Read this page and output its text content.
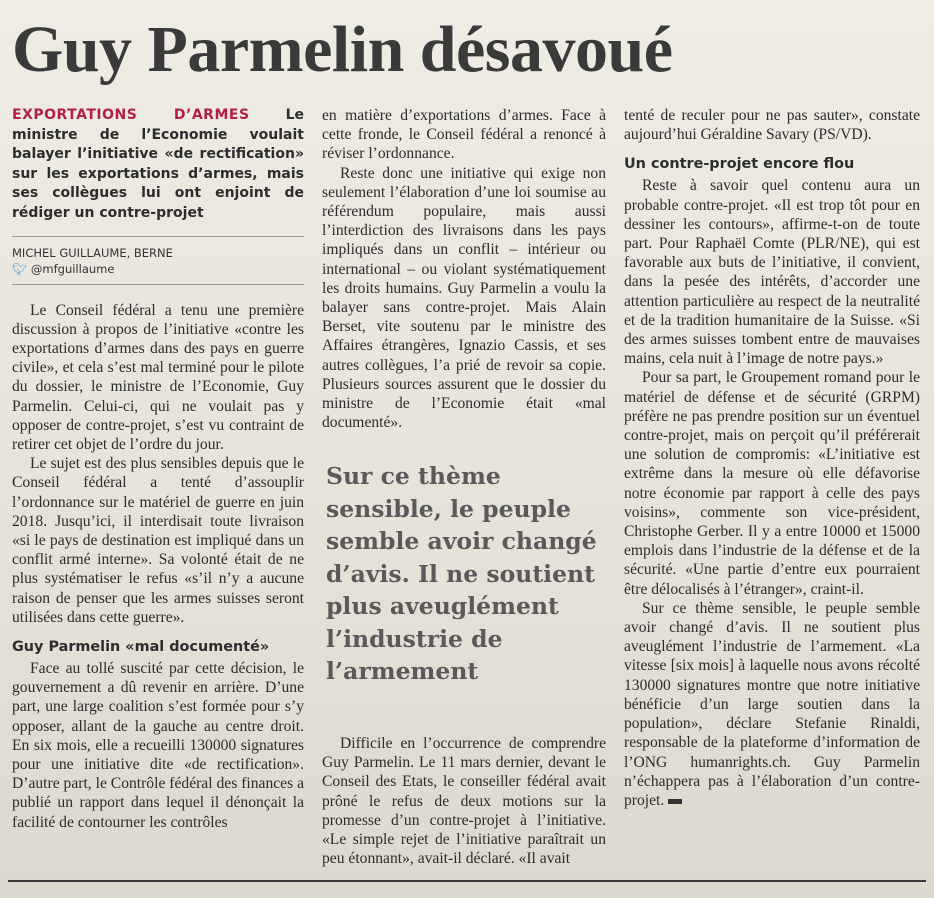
Guy Parmelin désavoué
EXPORTATIONS D’ARMES	Le ministre de l’Economie voulait balayer l’initiative «de rectification» sur les exportations d’armes, mais ses collègues lui ont enjoint de rédiger un contre-projet
MICHEL GUILLAUME, BERNE
🐦︎ @mfguillaume

Le Conseil fédéral a tenu une première discussion à propos de l’initiative «contre les exportations d’armes dans des pays en guerre civile», et cela s’est mal terminé pour le pilote du dossier, le ministre de l’Economie, Guy Parmelin. Celui-ci, qui ne voulait pas y opposer de contre-projet, s’est vu contraint de retirer cet objet de l’ordre du jour.

Le sujet est des plus sensibles depuis que le Conseil fédéral a tenté d’assouplir l’ordonnance sur le matériel de guerre en juin 2018. Jusqu’ici, il interdisait toute livraison «si le pays de destination est impliqué dans un conflit armé interne». Sa volonté était de ne plus systématiser le refus «s’il n’y a aucune raison de penser que les armes suisses seront utilisées dans cette guerre».

Guy Parmelin «mal documenté»

Face au tollé suscité par cette décision, le gouvernement a dû revenir en arrière. D’une part, une large coalition s’est formée pour s’y opposer, allant de la gauche au centre droit. En six mois, elle a recueilli 130000 signatures pour une initiative dite «de rectification». D’autre part, le Contrôle fédéral des finances a publié un rapport dans lequel il dénonçait la facilité de contourner les contrôles

en matière d’exportations d’armes. Face à cette fronde, le Conseil fédéral a renoncé à réviser l’ordonnance.

Reste donc une initiative qui exige non seulement l’élaboration d’une loi soumise au référendum populaire, mais aussi l’interdiction des livraisons dans les pays impliqués dans un conflit – intérieur ou international – ou violant systématiquement les droits humains. Guy Parmelin a voulu la balayer sans contre-projet. Mais Alain Berset, vite soutenu par le ministre des Affaires étrangères, Ignazio Cassis, et ses autres collègues, l’a prié de revoir sa copie. Plusieurs sources assurent que le dossier du ministre de l’Economie était «mal documenté».

Sur ce thème sensible, le peuple semble avoir changé d’avis. Il ne soutient plus aveuglément l’industrie de l’armement

Difficile en l’occurrence de comprendre Guy Parmelin. Le 11 mars dernier, devant le Conseil des Etats, le conseiller fédéral avait prôné le refus de deux motions sur la promesse d’un contre-projet à l’initiative. «Le simple rejet de l’initiative paraîtrait un peu étonnant», avait-il déclaré. «Il avait

tenté de reculer pour ne pas sauter», constate aujourd’hui Géraldine Savary (PS/VD).

Un contre-projet encore flou

Reste à savoir quel contenu aura un probable contre-projet. «Il est trop tôt pour en dessiner les contours», affirme-t-on de toute part. Pour Raphaël Comte (PLR/NE), qui est favorable aux buts de l’initiative, il convient, dans la pesée des intérêts, d’accorder une attention particulière au respect de la neutralité et de la tradition humanitaire de la Suisse. «Si des armes suisses tombent entre de mauvaises mains, cela nuit à l’image de notre pays.»

Pour sa part, le Groupement romand pour le matériel de défense et de sécurité (GRPM) préfère ne pas prendre position sur un éventuel contre-projet, mais on perçoit qu’il préférerait une solution de compromis: «L’initiative est extrême dans la mesure où elle défavorise notre économie par rapport à celle des pays voisins», commente son vice-président, Christophe Gerber. Il y a entre 10000 et 15000 emplois dans l’industrie de la défense et de la sécurité. «Une partie d’entre eux pourraient être délocalisés à l’étranger», craint-il.

Sur ce thème sensible, le peuple semble avoir changé d’avis. Il ne soutient plus aveuglément l’industrie de l’armement. «La vitesse [six mois] à laquelle nous avons récolté 130000 signatures montre que notre initiative bénéficie d’un large soutien dans la population», déclare Stefanie Rinaldi, responsable de la plateforme d’information de l’ONG humanrights.ch. Guy Parmelin n’échappera pas à l’élaboration d’un contre-projet.
